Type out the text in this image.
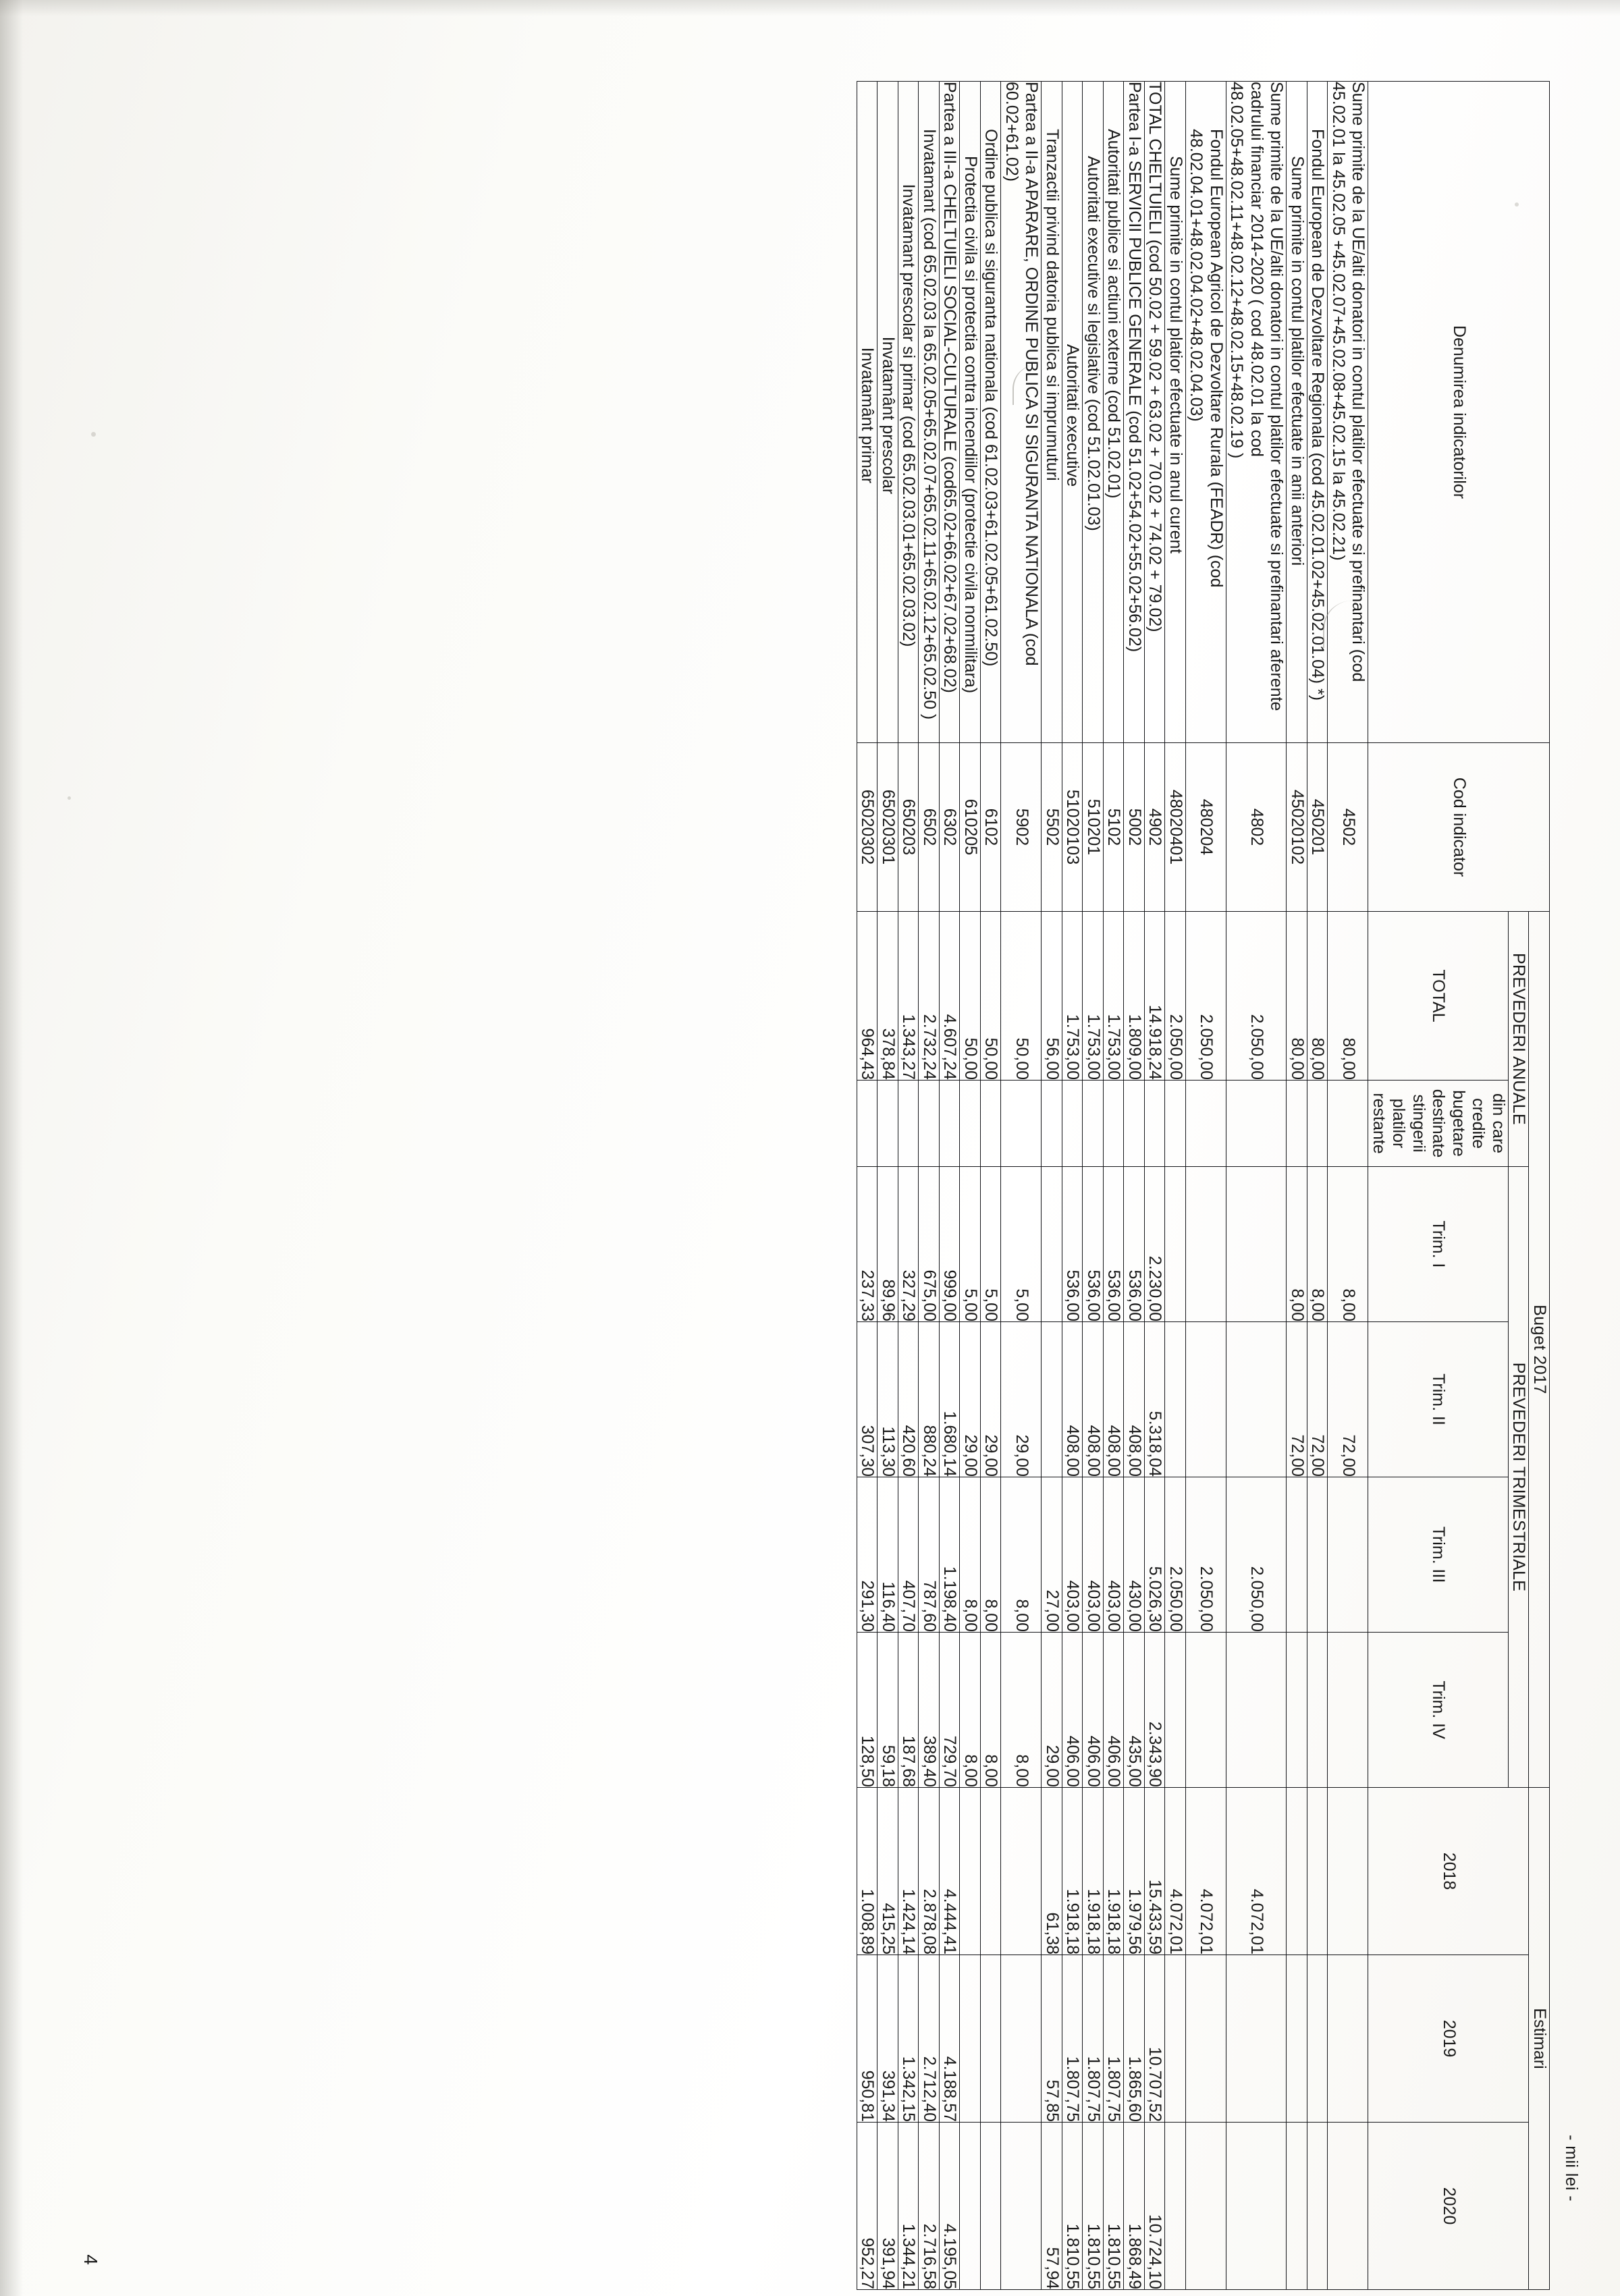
- mii lei -
4
Denumirea indicatorilor	Cod indicator	Buget 2017						Estimari		
		PREVEDERI ANUALE		PREVEDERI TRIMESTRIALE				2018	2019	2020
		TOTAL	din care credite bugetare destinate stingerii platilor restante	Trim. I	Trim. II	Trim. III	Trim. IV			
Sume primite de la UE/alti donatori in contul platilor efectuate si prefinantari (cod 45.02.01 la 45.02.05 +45.02.07+45.02.08+45.02.15 la 45.02.21)	4502	80,00		8,00	72,00					
Fondul European de Dezvoltare Regionala (cod 45.02.01.02+45.02.01.04) *)	450201	80,00		8,00	72,00					
Sume primite in contul platilor efectuate in anii anteriori	45020102	80,00		8,00	72,00					
Sume primite de la UE/alti donatori in contul platilor efectuate si prefinantari aferente cadrului financiar 2014-2020 ( cod 48.02.01 la cod 48.02.05+48.02.11+48.02.12+48.02.15+48.02.19 )	4802	2.050,00				2.050,00		4.072,01		
Fondul European Agricol de Dezvoltare Rurala (FEADR) (cod 48.02.04.01+48.02.04.02+48.02.04.03)	480204	2.050,00				2.050,00		4.072,01		
Sume primite in contul platior efectuate in anul curent	48020401	2.050,00				2.050,00		4.072,01		
TOTAL CHELTUIELI (cod 50.02 + 59.02 + 63.02 + 70.02 + 74.02 + 79.02)	4902	14.918,24		2.230,00	5.318,04	5.026,30	2.343,90	15.433,59	10.707,52	10.724,10
Partea I-a SERVICII PUBLICE GENERALE (cod 51.02+54.02+55.02+56.02)	5002	1.809,00		536,00	408,00	430,00	435,00	1.979,56	1.865,60	1.868,49
Autoritati publice si actiuni externe (cod 51.02.01)	5102	1.753,00		536,00	408,00	403,00	406,00	1.918,18	1.807,75	1.810,55
Autoritati executive si legislative (cod 51.02.01.03)	510201	1.753,00		536,00	408,00	403,00	406,00	1.918,18	1.807,75	1.810,55
Autoritati executive	51020103	1.753,00		536,00	408,00	403,00	406,00	1.918,18	1.807,75	1.810,55
Tranzactii privind datoria publica si imprumuturi	5502	56,00				27,00	29,00	61,38	57,85	57,94
Partea a II-a APARARE, ORDINE PUBLICA SI SIGURANTA NATIONALA (cod 60.02+61.02)	5902	50,00		5,00	29,00	8,00	8,00			
Ordine publica si siguranta nationala (cod 61.02.03+61.02.05+61.02.50)	6102	50,00		5,00	29,00	8,00	8,00			
Protectia civila si protectia contra incendiilor (protectie civila nonmilitara)	610205	50,00		5,00	29,00	8,00	8,00			
Partea a III-a CHELTUIELI SOCIAL-CULTURALE (cod65.02+66.02+67.02+68.02)	6302	4.607,24		999,00	1.680,14	1.198,40	729,70	4.444,41	4.188,57	4.195,05
Invatamant (cod 65.02.03 la 65.02.05+65.02.07+65.02.11+65.02.12+65.02.50 )	6502	2.732,24		675,00	880,24	787,60	389,40	2.878,08	2.712,40	2.716,58
Invatamant prescolar si primar (cod 65.02.03.01+65.02.03.02)	650203	1.343,27		327,29	420,60	407,70	187,68	1.424,14	1.342,15	1.344,21
Invatamânt prescolar	65020301	378,84		89,96	113,30	116,40	59,18	415,25	391,34	391,94
Invatamânt primar	65020302	964,43		237,33	307,30	291,30	128,50	1.008,89	950,81	952,27
